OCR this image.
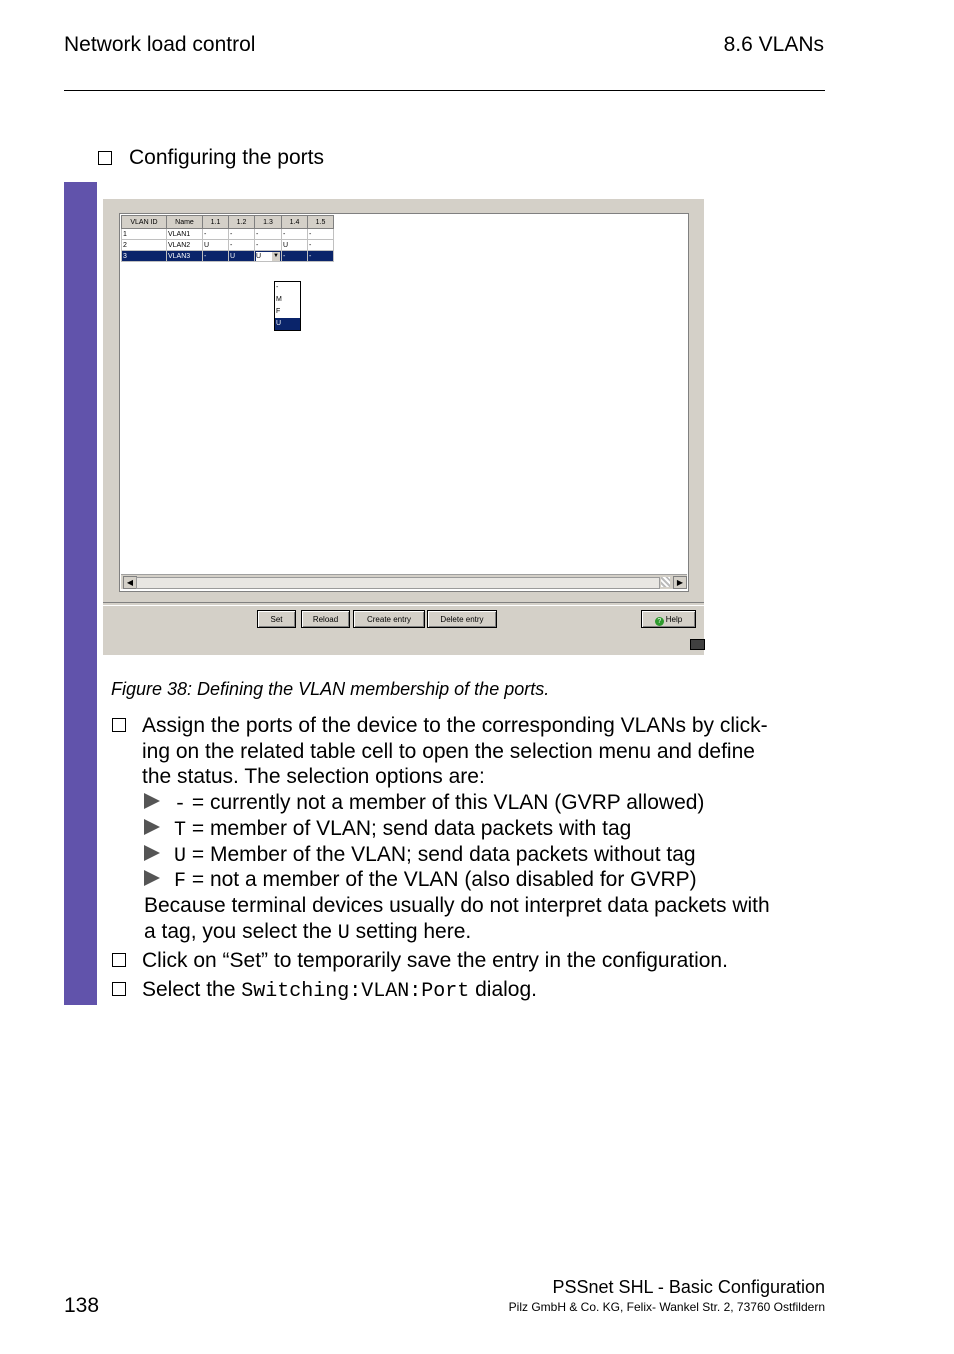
Network load control	8.6 VLANs
Configuring the ports
VLAN ID	Name	1.1	1.2	1.3	1.4	1.5
1	VLAN1	-	-	-	-	-
2	VLAN2	U	-	-	U	-
3	VLAN3	-	U	U ▼	-	-
-
M
F
U
◀	▶
Set	Reload	Create entry	Delete entry	? Help
Figure 38: Defining the VLAN membership of the ports.
Assign the ports of the device to the corresponding VLANs by click-
ing on the related table cell to open the selection menu and define
the status. The selection options are:
- = currently not a member of this VLAN (GVRP allowed)
T = member of VLAN; send data packets with tag
U = Member of the VLAN; send data packets without tag
F = not a member of the VLAN (also disabled for GVRP)
Because terminal devices usually do not interpret data packets with
a tag, you select the U setting here.
Click on “Set” to temporarily save the entry in the configuration.
Select the Switching:VLAN:Port dialog.
138
PSSnet SHL - Basic Configuration
Pilz GmbH & Co. KG, Felix- Wankel Str. 2, 73760 Ostfildern
